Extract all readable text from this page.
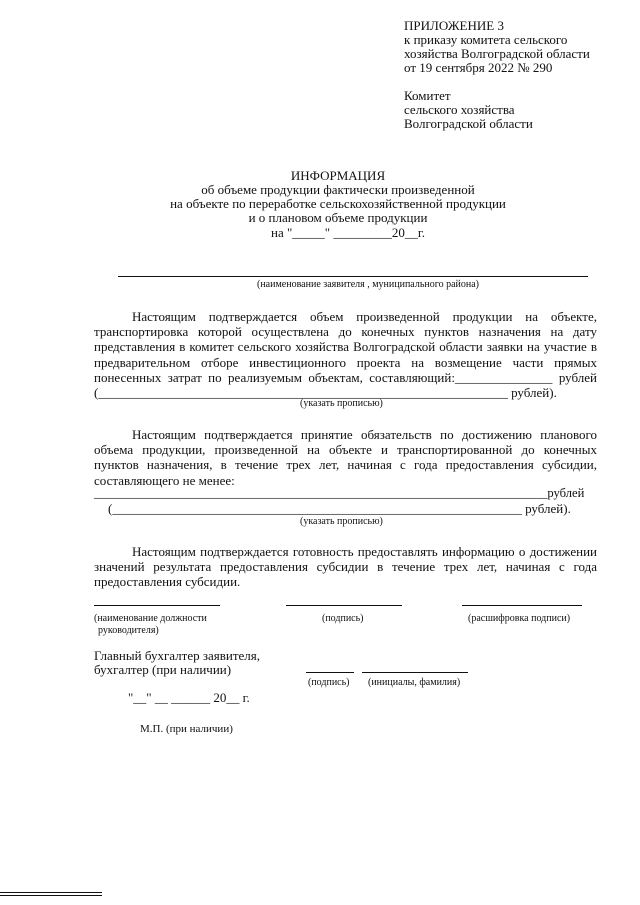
ПРИЛОЖЕНИЕ 3
к приказу комитета сельского
хозяйства Волгоградской области
от 19 сентября 2022 № 290
Комитет
сельского хозяйства
Волгоградской области
ИНФОРМАЦИЯ
об объеме продукции фактически произведенной
на объекте по переработке сельскохозяйственной продукции
и о плановом объеме продукции
на "_____" _________20__г.
(наименование заявителя , муниципального района)
Настоящим подтверждается объем произведенной продукции на объекте,
транспортировка которой осуществлена до конечных пунктов назначения на дату
представления в комитет сельского хозяйства Волгоградской области заявки на участие в
предварительном отборе инвестиционного проекта на возмещение части прямых
понесенных затрат по реализуемым объектам, составляющий:_______________ рублей
(_______________________________________________________________ рублей).
(указать прописью)
Настоящим подтверждается принятие обязательств по достижению планового
объема продукции, произведенной на объекте и транспортированной до конечных
пунктов назначения, в течение трех лет, начиная с года предоставления субсидии,
составляющего не менее:
________________________________________________________________________рублей
(_______________________________________________________________ рублей).
(указать прописью)
Настоящим подтверждается готовность предоставлять информацию о достижении
значений результата предоставления субсидии в течение трех лет, начиная с года
предоставления субсидии.
(наименование должности
руководителя)
(подпись)	(расшифровка подписи)
Главный бухгалтер заявителя,
бухгалтер (при наличии)
(подпись) (инициалы, фамилия)
"__" __ ______ 20__ г.
М.П. (при наличии)
